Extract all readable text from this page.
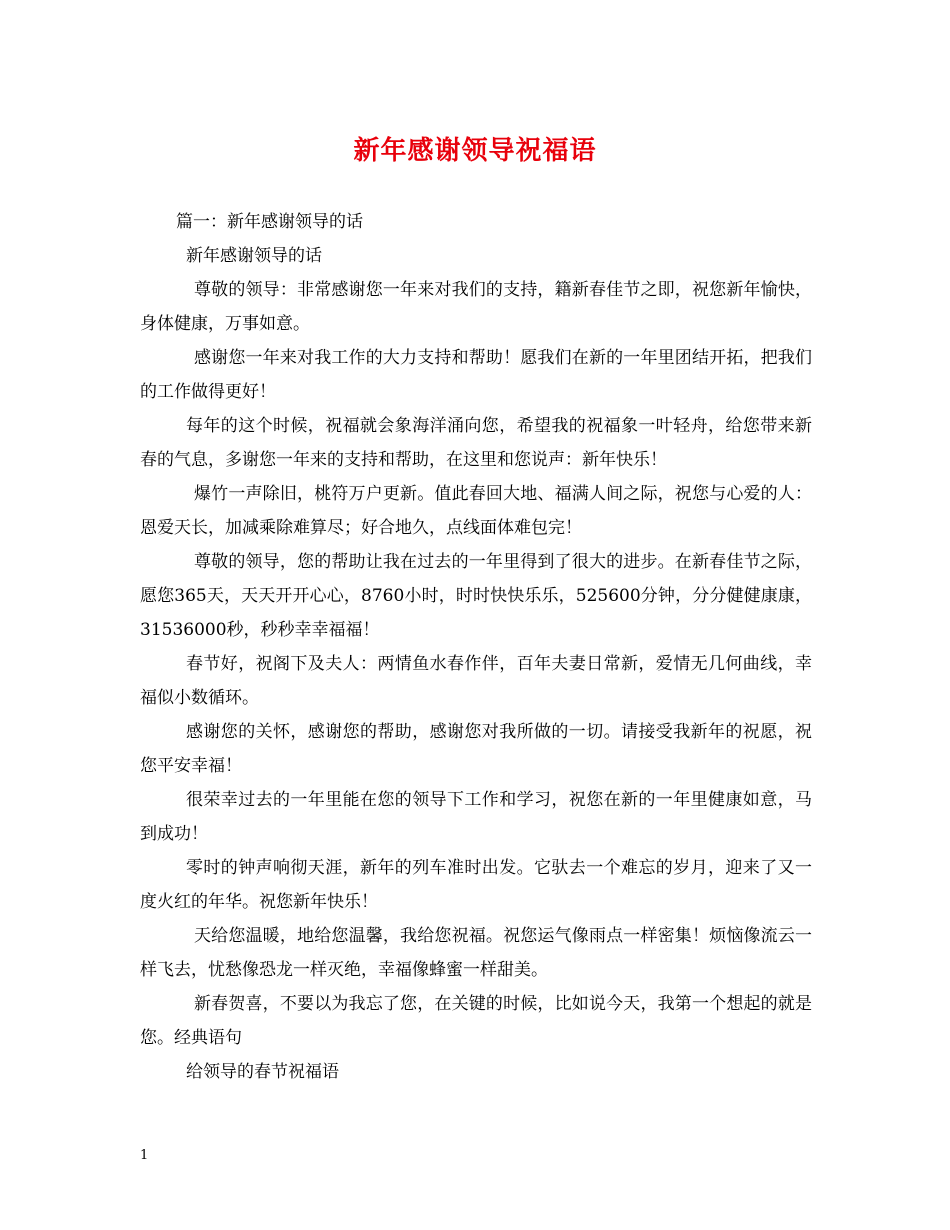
新年感谢领导祝福语

篇一：新年感谢领导的话

新年感谢领导的话

尊敬的领导：非常感谢您一年来对我们的支持，籍新春佳节之即，祝您新年愉快，身体健康，万事如意。

感谢您一年来对我工作的大力支持和帮助！愿我们在新的一年里团结开拓，把我们的工作做得更好！

每年的这个时候，祝福就会象海洋涌向您，希望我的祝福象一叶轻舟，给您带来新春的气息，多谢您一年来的支持和帮助，在这里和您说声：新年快乐！

爆竹一声除旧，桃符万户更新。值此春回大地、福满人间之际，祝您与心爱的人：恩爱天长，加减乘除难算尽；好合地久，点线面体难包完！

尊敬的领导，您的帮助让我在过去的一年里得到了很大的进步。在新春佳节之际，愿您365天，天天开开心心，8760小时，时时快快乐乐，525600分钟，分分健健康康，31536000秒，秒秒幸幸福福！

春节好，祝阁下及夫人：两情鱼水春作伴，百年夫妻日常新，爱情无几何曲线，幸福似小数循环。

感谢您的关怀，感谢您的帮助，感谢您对我所做的一切。请接受我新年的祝愿，祝您平安幸福！

很荣幸过去的一年里能在您的领导下工作和学习，祝您在新的一年里健康如意，马到成功！

零时的钟声响彻天涯，新年的列车准时出发。它驮去一个难忘的岁月，迎来了又一度火红的年华。祝您新年快乐！

天给您温暖，地给您温馨，我给您祝福。祝您运气像雨点一样密集！烦恼像流云一样飞去，忧愁像恐龙一样灭绝，幸福像蜂蜜一样甜美。

新春贺喜，不要以为我忘了您，在关键的时候，比如说今天，我第一个想起的就是您。经典语句

给领导的春节祝福语

1
